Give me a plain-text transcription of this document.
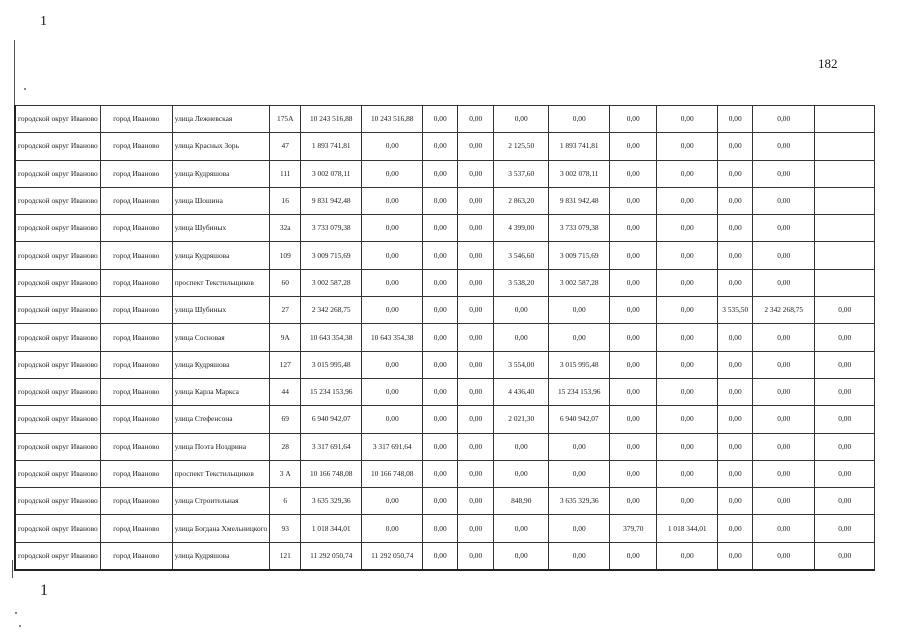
1
182
1
городской округ Иваново	город Иваново	улица Лежневская	175А	10 243 516,88	10 243 516,88	0,00	0,00	0,00	0,00	0,00	0,00	0,00	0,00	
городской округ Иваново	город Иваново	улица Красных Зорь	47	1 893 741,81	0,00	0,00	0,00	2 125,50	1 893 741,81	0,00	0,00	0,00	0,00	
городской округ Иваново	город Иваново	улица Кудряшова	111	3 002 078,11	0,00	0,00	0,00	3 537,60	3 002 078,11	0,00	0,00	0,00	0,00	
городской округ Иваново	город Иваново	улица Шошина	16	9 831 942,48	0,00	0,00	0,00	2 863,20	9 831 942,48	0,00	0,00	0,00	0,00	
городской округ Иваново	город Иваново	улица Шубиных	32а	3 733 079,38	0,00	0,00	0,00	4 399,00	3 733 079,38	0,00	0,00	0,00	0,00	
городской округ Иваново	город Иваново	улица Кудряшова	109	3 009 715,69	0,00	0,00	0,00	3 546,60	3 009 715,69	0,00	0,00	0,00	0,00	
городской округ Иваново	город Иваново	проспект Текстильщиков	60	3 002 587,28	0,00	0,00	0,00	3 538,20	3 002 587,28	0,00	0,00	0,00	0,00	
городской округ Иваново	город Иваново	улица Шубиных	27	2 342 268,75	0,00	0,00	0,00	0,00	0,00	0,00	0,00	3 535,50	2 342 268,75	0,00
городской округ Иваново	город Иваново	улица Сосновая	9А	10 643 354,38	10 643 354,38	0,00	0,00	0,00	0,00	0,00	0,00	0,00	0,00	0,00
городской округ Иваново	город Иваново	улица Кудряшова	127	3 015 995,48	0,00	0,00	0,00	3 554,00	3 015 995,48	0,00	0,00	0,00	0,00	0,00
городской округ Иваново	город Иваново	улица Карла Маркса	44	15 234 153,96	0,00	0,00	0,00	4 436,40	15 234 153,96	0,00	0,00	0,00	0,00	0,00
городской округ Иваново	город Иваново	улица Стефенсона	69	6 940 942,07	0,00	0,00	0,00	2 021,30	6 940 942,07	0,00	0,00	0,00	0,00	0,00
городской округ Иваново	город Иваново	улица Поэта Ноздрина	28	3 317 691,64	3 317 691,64	0,00	0,00	0,00	0,00	0,00	0,00	0,00	0,00	0,00
городской округ Иваново	город Иваново	проспект Текстильщиков	3 А	10 166 748,08	10 166 748,08	0,00	0,00	0,00	0,00	0,00	0,00	0,00	0,00	0,00
городской округ Иваново	город Иваново	улица Строительная	6	3 635 329,36	0,00	0,00	0,00	848,90	3 635 329,36	0,00	0,00	0,00	0,00	0,00
городской округ Иваново	город Иваново	улица Богдана Хмельницкого	93	1 018 344,01	0,00	0,00	0,00	0,00	0,00	379,70	1 018 344,01	0,00	0,00	0,00
городской округ Иваново	город Иваново	улица Кудряшова	121	11 292 050,74	11 292 050,74	0,00	0,00	0,00	0,00	0,00	0,00	0,00	0,00	0,00
